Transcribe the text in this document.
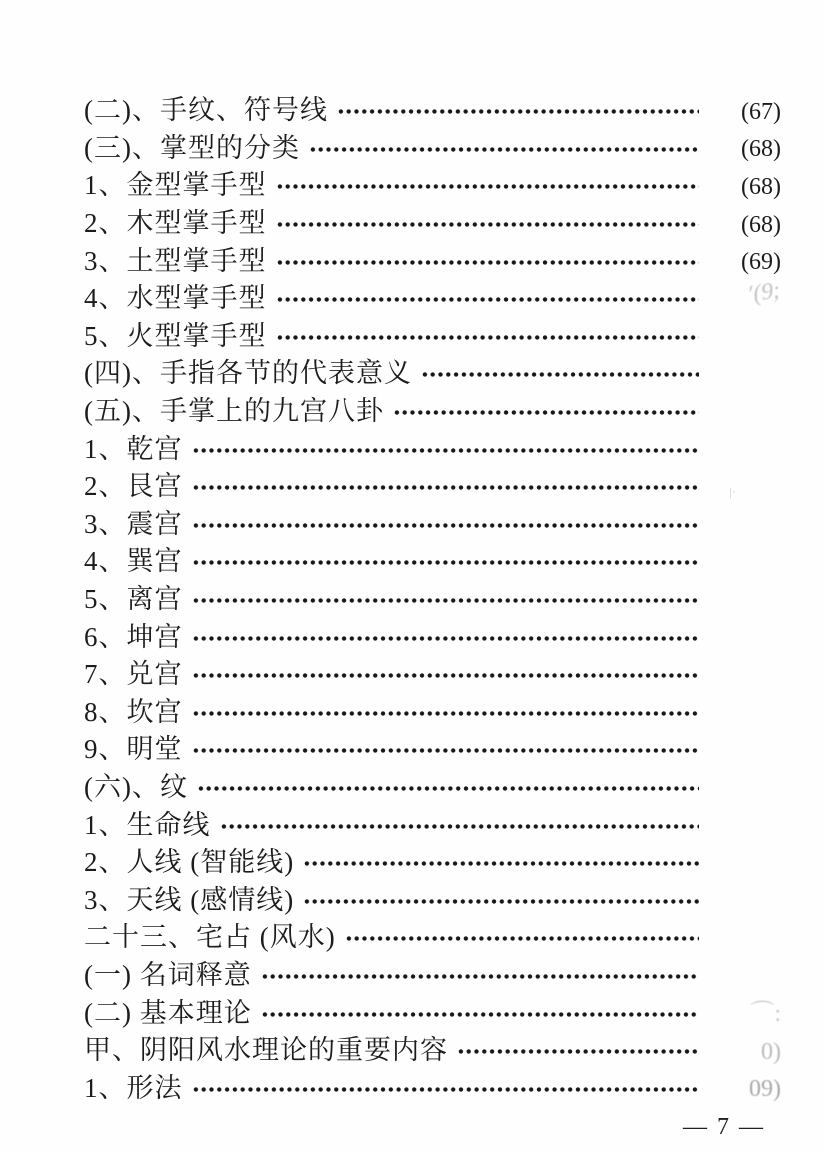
(二)、手纹、符号线	(67)
(三)、掌型的分类	(68)
1、金型掌手型	(68)
2、木型掌手型	(68)
3、土型掌手型	(69)
4、水型掌手型	′(9;
5、火型掌手型
(四)、手指各节的代表意义
(五)、手掌上的九宫八卦
1、乾宫
2、艮宫
3、震宫
4、巽宫
5、离宫
6、坤宫
7、兑宫
8、坎宫
9、明堂
(六)、纹
1、生命线
2、人线 (智能线)
3、天线 (感情线)
二十三、宅占 (风水)
(一) 名词释意
(二) 基本理论	⌒:
甲、阴阳风水理论的重要内容	0)
1、形法	09)
— 7 —
|·
